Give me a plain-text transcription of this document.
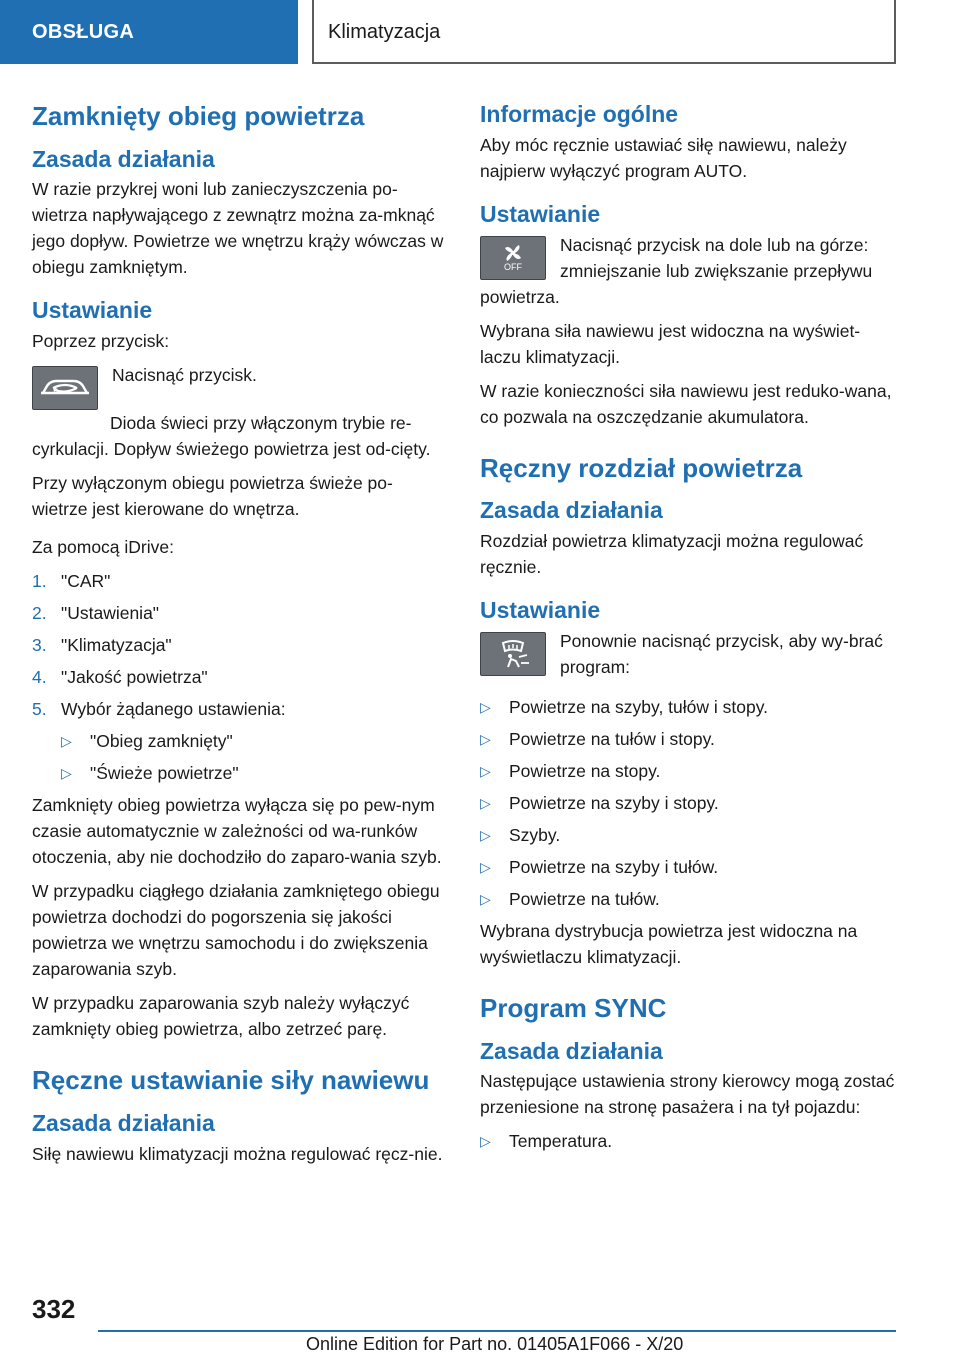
OBSŁUGA	Klimatyzacja
Zamknięty obieg powietrza
Zasada działania

W razie przykrej woni lub zanieczyszczenia po-wietrza napływającego z zewnątrz można za-mknąć jego dopływ. Powietrze we wnętrzu krąży wówczas w obiegu zamkniętym.

Ustawianie

Poprzez przycisk:

Nacisnąć przycisk.

Dioda świeci przy włączonym trybie re-cyrkulacji. Dopływ świeżego powietrza jest od-cięty.

Przy wyłączonym obiegu powietrza świeże po-wietrze jest kierowane do wnętrza.

Za pomocą iDrive:

1. "CAR"
2. "Ustawienia"
3. "Klimatyzacja"
4. "Jakość powietrza"
5. Wybór żądanego ustawienia:
▷ "Obieg zamknięty"
▷ "Świeże powietrze"

Zamknięty obieg powietrza wyłącza się po pew-nym czasie automatycznie w zależności od wa-runków otoczenia, aby nie dochodziło do zaparo-wania szyb.

W przypadku ciągłego działania zamkniętego obiegu powietrza dochodzi do pogorszenia się jakości powietrza we wnętrzu samochodu i do zwiększenia zaparowania szyb.

W przypadku zaparowania szyb należy wyłączyć zamknięty obieg powietrza, albo zetrzeć parę.

Ręczne ustawianie siły nawiewu
Zasada działania

Siłę nawiewu klimatyzacji można regulować ręcz-nie.

Informacje ogólne

Aby móc ręcznie ustawiać siłę nawiewu, należy najpierw wyłączyć program AUTO.

Ustawianie
OFF

Nacisnąć przycisk na dole lub na górze: zmniejszanie lub zwiększanie przepływu powietrza.

Wybrana siła nawiewu jest widoczna na wyświet-laczu klimatyzacji.

W razie konieczności siła nawiewu jest reduko-wana, co pozwala na oszczędzanie akumulatora.

Ręczny rozdział powietrza
Zasada działania

Rozdział powietrza klimatyzacji można regulować ręcznie.

Ustawianie

Ponownie nacisnąć przycisk, aby wy-brać program:

▷ Powietrze na szyby, tułów i stopy.
▷ Powietrze na tułów i stopy.
▷ Powietrze na stopy.
▷ Powietrze na szyby i stopy.
▷ Szyby.
▷ Powietrze na szyby i tułów.
▷ Powietrze na tułów.

Wybrana dystrybucja powietrza jest widoczna na wyświetlaczu klimatyzacji.

Program SYNC
Zasada działania

Następujące ustawienia strony kierowcy mogą zostać przeniesione na stronę pasażera i na tył pojazdu:

▷ Temperatura.
332
Online Edition for Part no. 01405A1F066 - X/20
